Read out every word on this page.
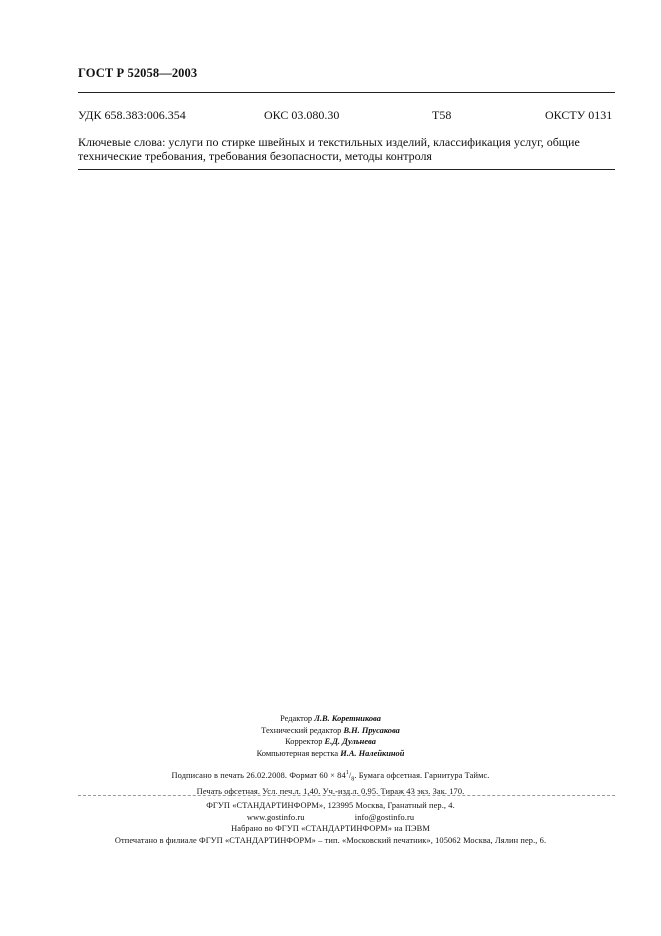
ГОСТ Р 52058—2003
УДК 658.383:006.354	ОКС 03.080.30	Т58	ОКСТУ 0131
Ключевые слова: услуги по стирке швейных и текстильных изделий, классификация услуг, общие
технические требования, требования безопасности, методы контроля
Редактор Л.В. Коретникова
Технический редактор В.Н. Прусакова
Корректор Е.Д. Дульнева
Компьютерная верстка И.А. Налейкиной
Подписано в печать 26.02.2008. Формат $60 \times 84^1/_8$. Бумага офсетная. Гарнитура Таймс.
Печать офсетная. Усл. печ.л. 1,40. Уч.-изд.л. 0,95. Тираж 43 экз. Зак. 170.
ФГУП «СТАНДАРТИНФОРМ», 123995 Москва, Гранатный пер., 4.
www.gostinfo.ru	info@gostinfo.ru
Набрано во ФГУП «СТАНДАРТИНФОРМ» на ПЭВМ
Отпечатано в филиале ФГУП «СТАНДАРТИНФОРМ» – тип. «Московский печатник», 105062 Москва, Лялин пер., 6.
